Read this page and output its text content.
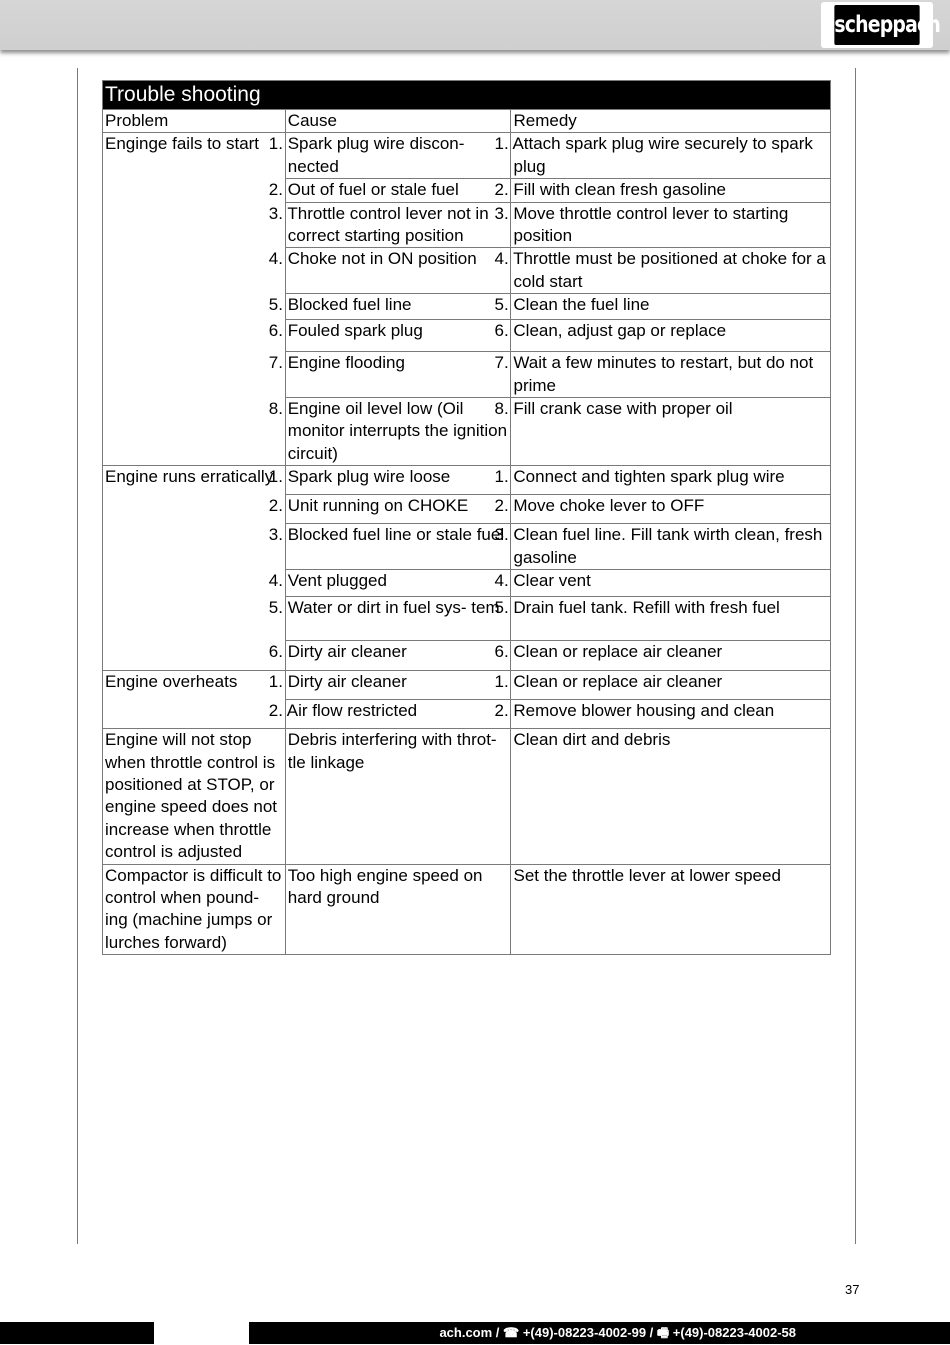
scheppach
Trouble shooting		
Problem	Cause	Remedy
Enginge fails to start	1. Spark plug wire discon- nected	1. Attach spark plug wire securely to spark plug
	2. Out of fuel or stale fuel	2. Fill with clean fresh gasoline
	3. Throttle control lever not in correct starting position	3. Move throttle control lever to starting position
	4. Choke not in ON position	4. Throttle must be positioned at choke for a cold start
	5. Blocked fuel line	5. Clean the fuel line
	6. Fouled spark plug	6. Clean, adjust gap or replace
	7. Engine flooding	7. Wait a few minutes to restart, but do not prime
	8. Engine oil level low (Oil monitor interrupts the ignition circuit)	8. Fill crank case with proper oil
Engine runs erratically	1. Spark plug wire loose	1. Connect and tighten spark plug wire
	2. Unit running on CHOKE	2. Move choke lever to OFF
	3. Blocked fuel line or stale fuel	3. Clean fuel line. Fill tank wirth clean, fresh gasoline
	4. Vent plugged	4. Clear vent
	5. Water or dirt in fuel sys- tem	5. Drain fuel tank. Refill with fresh fuel
	6. Dirty air cleaner	6. Clean or replace air cleaner
Engine overheats	1. Dirty air cleaner	1. Clean or replace air cleaner
	2. Air flow restricted	2. Remove blower housing and clean
Engine will not stop when throttle control is positioned at STOP, or engine speed does not increase when throttle control is adjusted	Debris interfering with throt- tle linkage	Clean dirt and debris
Compactor is difficult to control when pound- ing (machine jumps or lurches forward)	Too high engine speed on hard ground	Set the throttle lever at lower speed
37
ach.com / ☎ +(49)-08223-4002-99 / 🖷 +(49)-08223-4002-58
